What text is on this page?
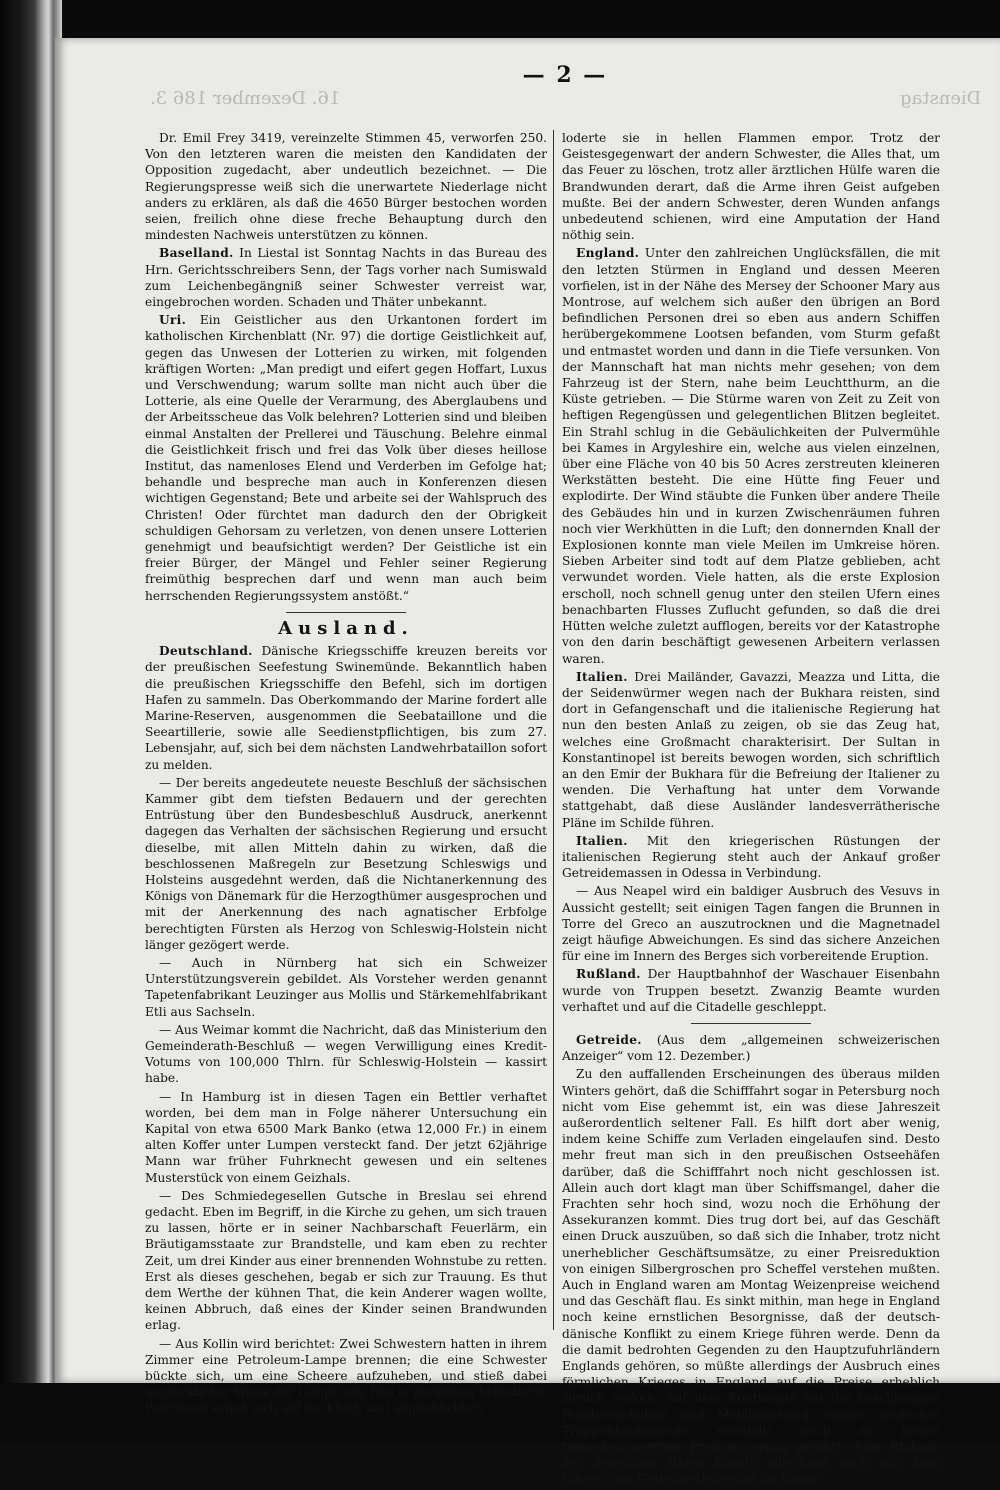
16. Dezember 186 3.	Dienstag
— 2 —

Dr. Emil Frey 3419, vereinzelte Stimmen 45, verworfen 250. Von den letzteren waren die meisten den Kandidaten der Opposition zugedacht, aber undeutlich bezeichnet. — Die Regierungspresse weiß sich die unerwartete Niederlage nicht anders zu erklären, als daß die 4650 Bürger bestochen worden seien, freilich ohne diese freche Behauptung durch den mindesten Nachweis unterstützen zu können.

Baselland. In Liestal ist Sonntag Nachts in das Bureau des Hrn. Gerichtsschreibers Senn, der Tags vorher nach Sumiswald zum Leichenbegängniß seiner Schwester verreist war, eingebrochen worden. Schaden und Thäter unbekannt.

Uri. Ein Geistlicher aus den Urkantonen fordert im katholischen Kirchenblatt (Nr. 97) die dortige Geistlichkeit auf, gegen das Unwesen der Lotterien zu wirken, mit folgenden kräftigen Worten: „Man predigt und eifert gegen Hoffart, Luxus und Verschwendung; warum sollte man nicht auch über die Lotterie, als eine Quelle der Verarmung, des Aberglaubens und der Arbeitsscheue das Volk belehren? Lotterien sind und bleiben einmal Anstalten der Prellerei und Täuschung. Belehre einmal die Geistlichkeit frisch und frei das Volk über dieses heillose Institut, das namenloses Elend und Verderben im Gefolge hat; behandle und bespreche man auch in Konferenzen diesen wichtigen Gegenstand; Bete und arbeite sei der Wahlspruch des Christen! Oder fürchtet man dadurch den der Obrigkeit schuldigen Gehorsam zu verletzen, von denen unsere Lotterien genehmigt und beaufsichtigt werden? Der Geistliche ist ein freier Bürger, der Mängel und Fehler seiner Regierung freimüthig besprechen darf und wenn man auch beim herrschenden Regierungssystem anstößt.“

Ausland.

Deutschland. Dänische Kriegsschiffe kreuzen bereits vor der preußischen Seefestung Swinemünde. Bekanntlich haben die preußischen Kriegsschiffe den Befehl, sich im dortigen Hafen zu sammeln. Das Oberkommando der Marine fordert alle Marine-Reserven, ausgenommen die Seebataillone und die Seeartillerie, sowie alle Seedienstpflichtigen, bis zum 27. Lebensjahr, auf, sich bei dem nächsten Landwehrbataillon sofort zu melden.

— Der bereits angedeutete neueste Beschluß der sächsischen Kammer gibt dem tiefsten Bedauern und der gerechten Entrüstung über den Bundesbeschluß Ausdruck, anerkennt dagegen das Verhalten der sächsischen Regierung und ersucht dieselbe, mit allen Mitteln dahin zu wirken, daß die beschlossenen Maßregeln zur Besetzung Schleswigs und Holsteins ausgedehnt werden, daß die Nichtanerkennung des Königs von Dänemark für die Herzogthümer ausgesprochen und mit der Anerkennung des nach agnatischer Erbfolge berechtigten Fürsten als Herzog von Schleswig-Holstein nicht länger gezögert werde.

— Auch in Nürnberg hat sich ein Schweizer Unterstützungsverein gebildet. Als Vorsteher werden genannt Tapetenfabrikant Leuzinger aus Mollis und Stärkemehlfabrikant Etli aus Sachseln.

— Aus Weimar kommt die Nachricht, daß das Ministerium den Gemeinderath-Beschluß — wegen Verwilligung eines Kredit-Votums von 100,000 Thlrn. für Schleswig-Holstein — kassirt habe.

— In Hamburg ist in diesen Tagen ein Bettler verhaftet worden, bei dem man in Folge näherer Untersuchung ein Kapital von etwa 6500 Mark Banko (etwa 12,000 Fr.) in einem alten Koffer unter Lumpen versteckt fand. Der jetzt 62jährige Mann war früher Fuhrknecht gewesen und ein seltenes Musterstück von einem Geizhals.

— Des Schmiedegesellen Gutsche in Breslau sei ehrend gedacht. Eben im Begriff, in die Kirche zu gehen, um sich trauen zu lassen, hörte er in seiner Nachbarschaft Feuerlärm, ein Bräutigamsstaate zur Brandstelle, und kam eben zu rechter Zeit, um drei Kinder aus einer brennenden Wohnstube zu retten. Erst als dieses geschehen, begab er sich zur Trauung. Es thut dem Werthe der kühnen That, die kein Anderer wagen wollte, keinen Abbruch, daß eines der Kinder seinen Brandwunden erlag.

— Aus Kollin wird berichtet: Zwei Schwestern hatten in ihrem Zimmer eine Petroleum-Lampe brennen; die eine Schwester bückte sich, um eine Scheere aufzuheben, und stieß dabei unglücklicher Weise die Lampe um. Das in derselben befindliche Petroleum ergoß sich auf ihr Kleid, und augenblicklich

loderte sie in hellen Flammen empor. Trotz der Geistesgegenwart der andern Schwester, die Alles that, um das Feuer zu löschen, trotz aller ärztlichen Hülfe waren die Brandwunden derart, daß die Arme ihren Geist aufgeben mußte. Bei der andern Schwester, deren Wunden anfangs unbedeutend schienen, wird eine Amputation der Hand nöthig sein.

England. Unter den zahlreichen Unglücksfällen, die mit den letzten Stürmen in England und dessen Meeren vorfielen, ist in der Nähe des Mersey der Schooner Mary aus Montrose, auf welchem sich außer den übrigen an Bord befindlichen Personen drei so eben aus andern Schiffen herübergekommene Lootsen befanden, vom Sturm gefaßt und entmastet worden und dann in die Tiefe versunken. Von der Mannschaft hat man nichts mehr gesehen; von dem Fahrzeug ist der Stern, nahe beim Leuchtthurm, an die Küste getrieben. — Die Stürme waren von Zeit zu Zeit von heftigen Regengüssen und gelegentlichen Blitzen begleitet. Ein Strahl schlug in die Gebäulichkeiten der Pulvermühle bei Kames in Argyleshire ein, welche aus vielen einzelnen, über eine Fläche von 40 bis 50 Acres zerstreuten kleineren Werkstätten besteht. Die eine Hütte fing Feuer und explodirte. Der Wind stäubte die Funken über andere Theile des Gebäudes hin und in kurzen Zwischenräumen fuhren noch vier Werkhütten in die Luft; den donnernden Knall der Explosionen konnte man viele Meilen im Umkreise hören. Sieben Arbeiter sind todt auf dem Platze geblieben, acht verwundet worden. Viele hatten, als die erste Explosion erscholl, noch schnell genug unter den steilen Ufern eines benachbarten Flusses Zuflucht gefunden, so daß die drei Hütten welche zuletzt aufflogen, bereits vor der Katastrophe von den darin beschäftigt gewesenen Arbeitern verlassen waren.

Italien. Drei Mailänder, Gavazzi, Meazza und Litta, die der Seidenwürmer wegen nach der Bukhara reisten, sind dort in Gefangenschaft und die italienische Regierung hat nun den besten Anlaß zu zeigen, ob sie das Zeug hat, welches eine Großmacht charakterisirt. Der Sultan in Konstantinopel ist bereits bewogen worden, sich schriftlich an den Emir der Bukhara für die Befreiung der Italiener zu wenden. Die Verhaftung hat unter dem Vorwande stattgehabt, daß diese Ausländer landesverrätherische Pläne im Schilde führen.

Italien. Mit den kriegerischen Rüstungen der italienischen Regierung steht auch der Ankauf großer Getreidemassen in Odessa in Verbindung.

— Aus Neapel wird ein baldiger Ausbruch des Vesuvs in Aussicht gestellt; seit einigen Tagen fangen die Brunnen in Torre del Greco an auszutrocknen und die Magnetnadel zeigt häufige Abweichungen. Es sind das sichere Anzeichen für eine im Innern des Berges sich vorbereitende Eruption.

Rußland. Der Hauptbahnhof der Waschauer Eisenbahn wurde von Truppen besetzt. Zwanzig Beamte wurden verhaftet und auf die Citadelle geschleppt.

Getreide. (Aus dem „allgemeinen schweizerischen Anzeiger“ vom 12. Dezember.)

Zu den auffallenden Erscheinungen des überaus milden Winters gehört, daß die Schifffahrt sogar in Petersburg noch nicht vom Eise gehemmt ist, ein was diese Jahreszeit außerordentlich seltener Fall. Es hilft dort aber wenig, indem keine Schiffe zum Verladen eingelaufen sind. Desto mehr freut man sich in den preußischen Ostseehäfen darüber, daß die Schifffahrt noch nicht geschlossen ist. Allein auch dort klagt man über Schiffsmangel, daher die Frachten sehr hoch sind, wozu noch die Erhöhung der Assekuranzen kommt. Dies trug dort bei, auf das Geschäft einen Druck auszuüben, so daß sich die Inhaber, trotz nicht unerheblicher Geschäftsumsätze, zu einer Preisreduktion von einigen Silbergroschen pro Scheffel verstehen mußten. Auch in England waren am Montag Weizenpreise weichend und das Geschäft flau. Es sinkt mithin, man hege in England noch keine ernstlichen Besorgnisse, daß der deutsch-dänische Konflikt zu einem Kriege führen werde. Denn da die damit bedrohten Gegenden zu den Hauptzufuhrländern Englands gehören, so müßte allerdings der Ausbruch eines förmlichen Krieges in England auf die Preise erheblich zurück wirken. Auf dem Kontinente hat die beschlossene Bundesexekution und Mobilmachung einiger deutscher Truppenkontingente ebenfalls noch zu keiner bemerkenswerthen Preissteigerung geführt. Eine Blokade der deutschen Häfen könnte allerdings auch nur dazu führen, den Getreide-Ueberfluß im Lande
